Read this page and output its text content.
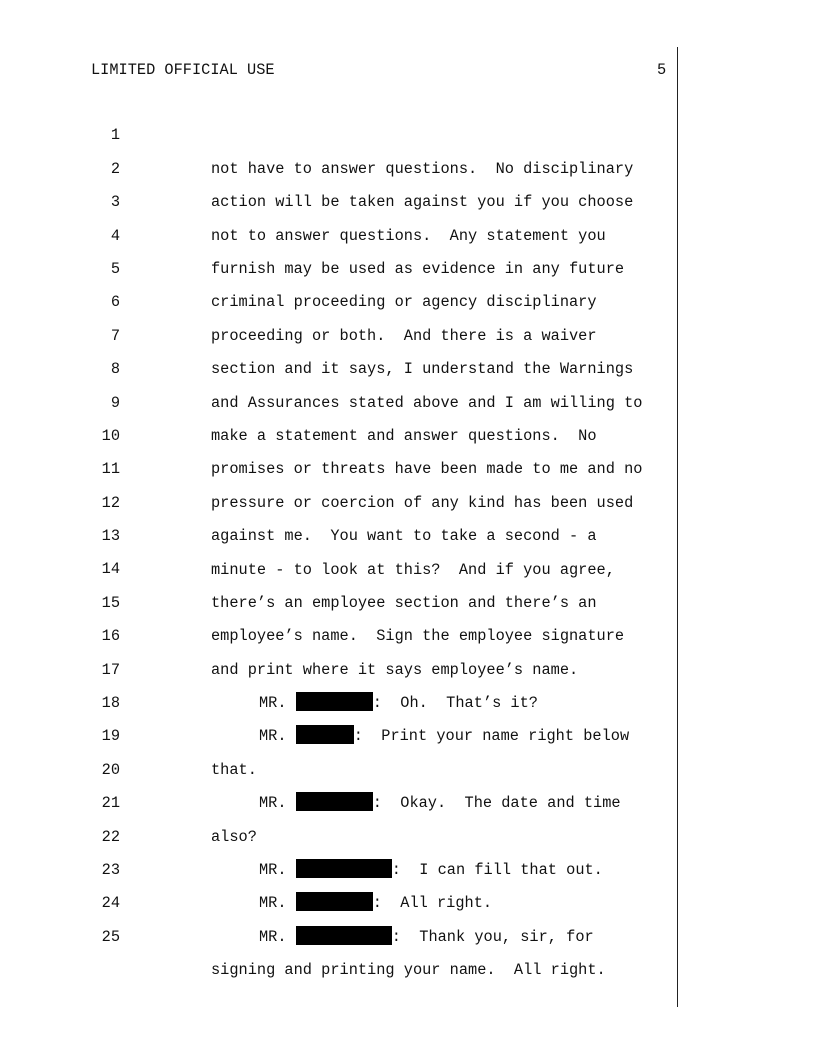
LIMITED OFFICIAL USE	5

1

not have to answer questions.  No disciplinary

2

action will be taken against you if you choose

3

not to answer questions.  Any statement you

4

furnish may be used as evidence in any future

5

criminal proceeding or agency disciplinary

6

proceeding or both.  And there is a waiver

7

section and it says, I understand the Warnings

8

and Assurances stated above and I am willing to

9

make a statement and answer questions.  No

10

promises or threats have been made to me and no

11

pressure or coercion of any kind has been used

12

against me.  You want to take a second - a

13

minute - to look at this?  And if you agree,

14

there’s an employee section and there’s an

15

employee’s name.  Sign the employee signature

16

and print where it says employee’s name.

17

MR.	:  Oh.  That’s it?

18

MR.	:  Print your name right below

19

that.

20

MR.	:  Okay.  The date and time

21

also?

22

MR.	:  I can fill that out.

23

MR.	:  All right.

24

MR.	:  Thank you, sir, for

25

signing and printing your name.  All right.
